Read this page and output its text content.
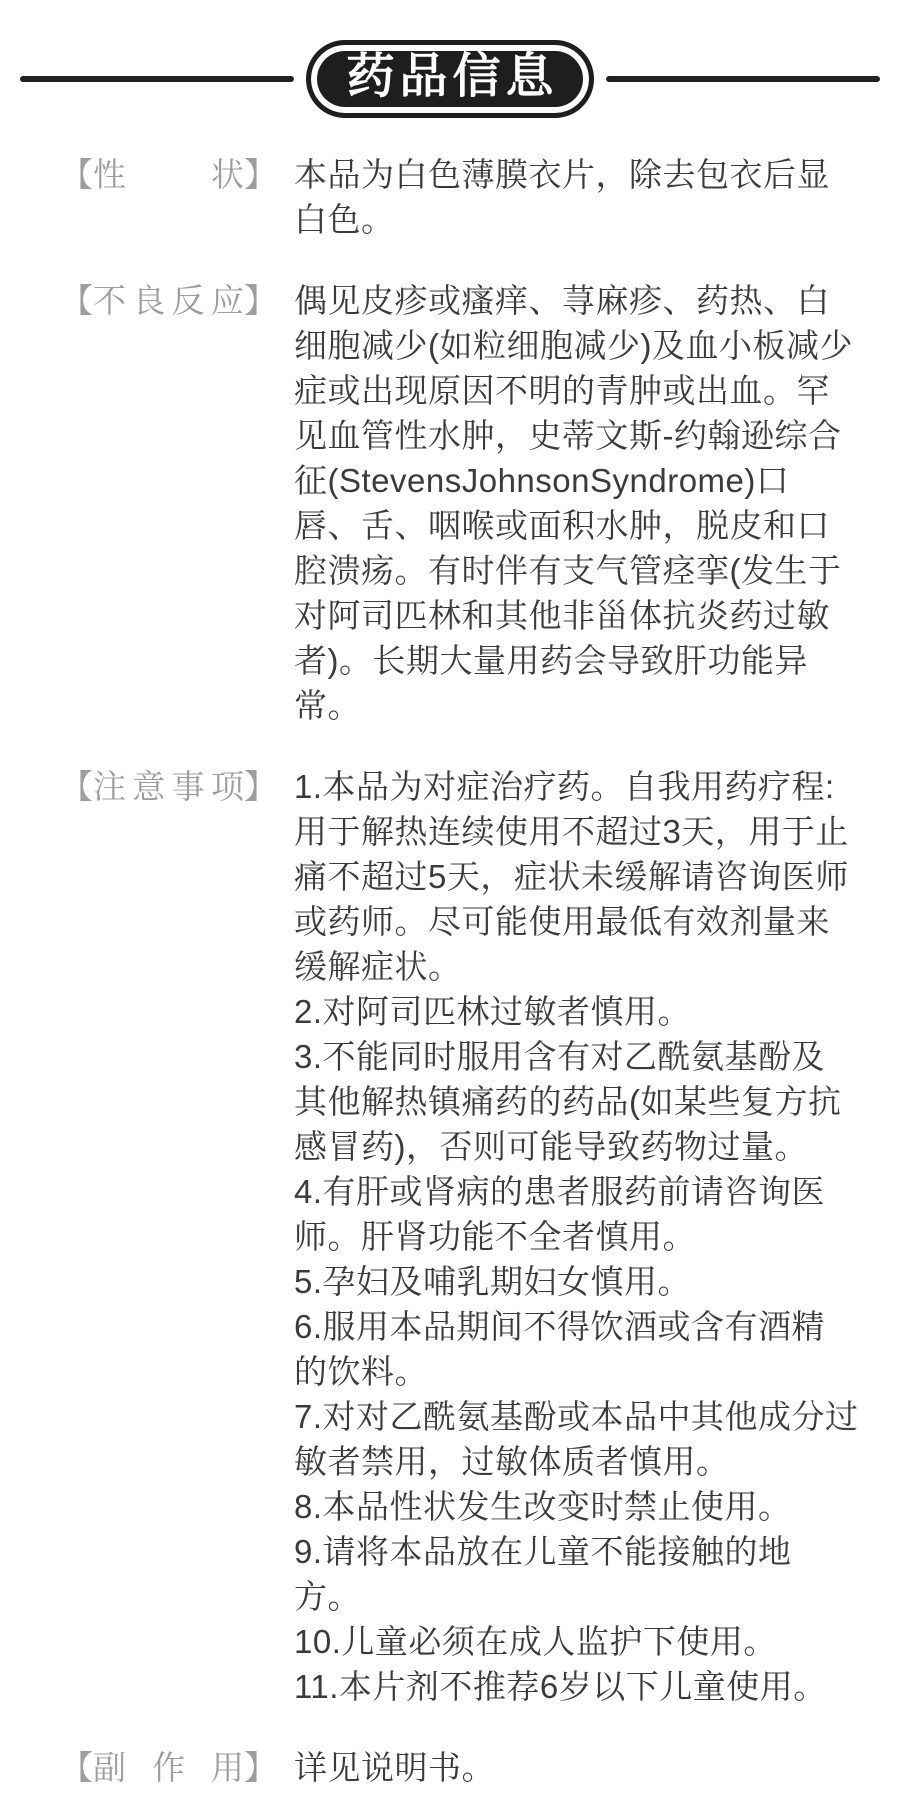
药品信息
【 性	状 】 本品为白色薄膜衣片，除去包衣后显
白色。
【 不 良 反 应 】 偶见皮疹或瘙痒、荨麻疹、药热、白
细胞减少(如粒细胞减少)及血小板减少
症或出现原因不明的青肿或出血。罕
见血管性水肿，史蒂文斯-约翰逊综合
征(StevensJohnsonSyndrome)口
唇、舌、咽喉或面积水肿，脱皮和口
腔溃疡。有时伴有支气管痉挛(发生于
对阿司匹林和其他非甾体抗炎药过敏
者)。长期大量用药会导致肝功能异
常。
【 注 意 事 项 】 1.本品为对症治疗药。自我用药疗程:
用于解热连续使用不超过3天，用于止
痛不超过5天，症状未缓解请咨询医师
或药师。尽可能使用最低有效剂量来
缓解症状。
2.对阿司匹林过敏者慎用。
3.不能同时服用含有对乙酰氨基酚及
其他解热镇痛药的药品(如某些复方抗
感冒药)，否则可能导致药物过量。
4.有肝或肾病的患者服药前请咨询医
师。肝肾功能不全者慎用。
5.孕妇及哺乳期妇女慎用。
6.服用本品期间不得饮酒或含有酒精
的饮料。
7.对对乙酰氨基酚或本品中其他成分过
敏者禁用，过敏体质者慎用。
8.本品性状发生改变时禁止使用。
9.请将本品放在儿童不能接触的地
方。
10.儿童必须在成人监护下使用。
11.本片剂不推荐6岁以下儿童使用。
【 副 作 用 】 详见说明书。
